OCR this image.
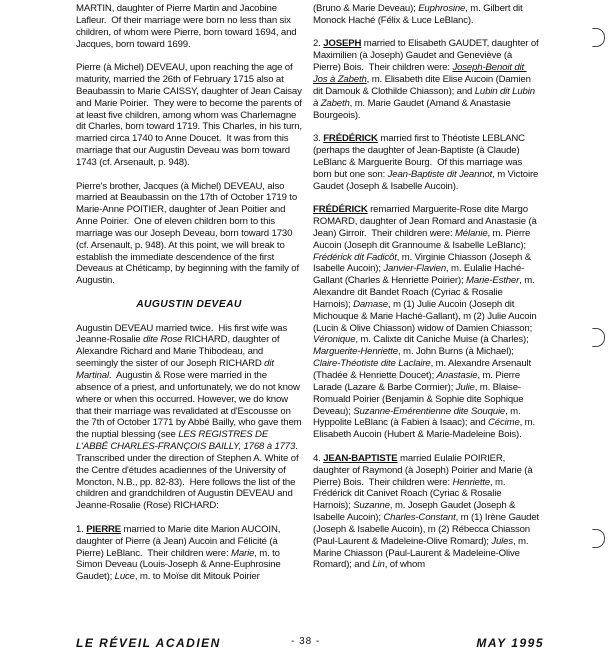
MARTIN, daughter of Pierre Martin and Jacobine Lafleur.  Of their marriage were born no less than six children, of whom were Pierre, born toward 1694, and Jacques, born toward 1699.

Pierre (à Michel) DEVEAU, upon reaching the age of maturity, married the 26th of February 1715 also at Beaubassin to Marie CAISSY, daughter of Jean Caisay and Marie Poirier.  They were to become the parents of at least five children, among whom was Charlemagne dit Charles, born toward 1719. This Charles, in his turn, married circa 1740 to Anne Doucet.  It was from this marriage that our Augustin Deveau was born toward 1743 (cf. Arsenault, p. 948).

Pierre's brother, Jacques (à Michel) DEVEAU, also married at Beaubassin on the 17th of October 1719 to Marie-Anne POITIER, daughter of Jean Poitier and Anne Poirier.  One of eleven children born to this marriage was our Joseph Deveau, born toward 1730 (cf. Arsenault, p. 948). At this point, we will break to establish the immediate descendence of the first Deveaus at Chéticamp, by beginning with the family of Augustin.

AUGUSTIN DEVEAU

Augustin DEVEAU married twice.  His first wife was Jeanne-Rosalie dite Rose RICHARD, daughter of Alexandre Richard and Marie Thibodeau, and seemingly the sister of our Joseph RICHARD dit Martinal.  Augustin & Rose were married in the absence of a priest, and unfortunately, we do not know where or when this occurred. However, we do know that their marriage was revalidated at d'Escousse on the 7th of October 1771 by Abbé Bailly, who gave them the nuptial blessing (see LES REGISTRES DE L'ABBÉ CHARLES-FRANÇOIS BAILLY, 1768 à 1773.  Transcribed under the direction of Stephen A. White of the Centre d'études acadiennes of the University of Moncton, N.B., pp. 82-83).  Here follows the list of the children and grandchildren of Augustin DEVEAU and Jeanne-Rosalie (Rose) RICHARD:

1. PIERRE married to Marie dite Marion AUCOIN, daughter of Pierre (à Jean) Aucoin and Félicité (à Pierre) LeBlanc.  Their children were: Marie, m. to Simon Deveau (Louis-Joseph & Anne-Euphrosine Gaudet); Luce, m. to Moïse dit Mitouk Poirier

(Bruno & Marie Deveau); Euphrosine, m. Gilbert dit Monock Haché (Félix & Luce LeBlanc).

2. JOSEPH married to Elisabeth GAUDET, daughter of Maximilien (à Joseph) Gaudet and Geneviève (à Pierre) Bois.  Their children were: Joseph-Benoit dit Jos à Zabeth, m. Elisabeth dite Elise Aucoin (Damien dit Damouk & Clothilde Chiasson); and Lubin dit Lubin à Zabeth, m. Marie Gaudet (Amand & Anastasie Bourgeois).

3. FRÉDÉRICK married first to Théotiste LEBLANC (perhaps the daughter of Jean-Baptiste (à Claude) LeBlanc & Marguerite Bourg.  Of this marriage was born but one son: Jean-Baptiste dit Jeannot, m Victoire Gaudet (Joseph & Isabelle Aucoin).

FRÉDÉRICK remarried Marguerite-Rose dite Margo ROMARD, daughter of Jean Romard and Anastasie (à Jean) Girroir.  Their children were: Mélanie, m. Pierre Aucoin (Joseph dit Grannoume & Isabelle LeBlanc); Frédérick dit Fadicôt, m. Virginie Chiasson (Joseph & Isabelle Aucoin); Janvier-Flavien, m. Eulalie Haché-Gallant (Charles & Henriette Poirier); Marie-Esther, m. Alexandre dit Bandet Roach (Cyriac & Rosalie Harnois); Damase, m (1) Julie Aucoin (Joseph dit Michouque & Marie Haché-Gallant), m (2) Julie Aucoin (Lucin & Olive Chiasson) widow of Damien Chiasson; Véronique, m. Calixte dit Caniche Muise (à Charles); Marguerite-Henriette, m. John Burns (à Michael); Claire-Théotiste dite Laclaire, m. Alexandre Arsenault (Thadée & Henriette Doucet); Anastasie, m. Pierre Larade (Lazare & Barbe Cormier); Julie, m. Blaise-Romuald Poirier (Benjamin & Sophie dite Sophique Deveau); Suzanne-Emérentienne dite Souquie, m. Hyppolite LeBlanc (à Fabien à Isaac); and Cécime, m. Elisabeth Aucoin (Hubert & Marie-Madeleine Bois).

4. JEAN-BAPTISTE married Eulalie POIRIER, daughter of Raymond (à Joseph) Poirier and Marie (à Pierre) Bois.  Their children were: Henriette, m. Frédérick dit Canivet Roach (Cyriac & Rosalie Harnois); Suzanne, m. Joseph Gaudet (Joseph & Isabelle Aucoin); Charles-Constant, m (1) Irène Gaudet (Joseph & Isabelle Aucoin), m (2) Rébecca Chiasson (Paul-Laurent & Madeleine-Olive Romard); Jules, m. Marine Chiasson (Paul-Laurent & Madeleine-Olive Romard); and Lin, of whom

LE RÉVEIL ACADIEN	- 38 -	MAY 1995
